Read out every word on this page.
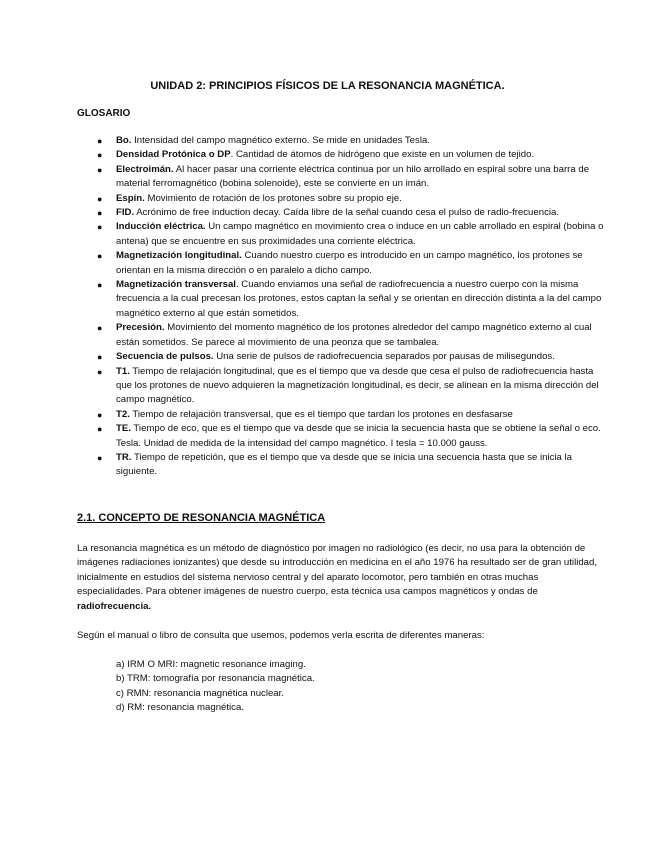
UNIDAD 2: PRINCIPIOS FÍSICOS DE LA RESONANCIA MAGNÉTICA.
GLOSARIO
● Bo. Intensidad del campo magnético externo. Se mide en unidades Tesla.
● Densidad Protónica o DP. Cantidad de átomos de hidrógeno que existe en un volumen de tejido.
● Electroimán. Al hacer pasar una corriente eléctrica continua por un hilo arrollado en espiral sobre una barra de material ferromagnético (bobina solenoide), este se convierte en un imán.
● Espín. Movimiento de rotación de los protones sobre su propio eje.
● FID. Acrónimo de free induction decay. Caída libre de la señal cuando cesa el pulso de radio-frecuencia.
● Inducción eléctrica. Un campo magnético en movimiento crea o induce en un cable arrollado en espiral (bobina o antena) que se encuentre en sus proximidades una corriente eléctrica.
● Magnetización longitudinal. Cuando nuestro cuerpo es introducido en un campo magnético, los protones se orientan en la misma dirección o en paralelo a dicho campo.
● Magnetización transversal. Cuando enviamos una señal de radiofrecuencia a nuestro cuerpo con la misma frecuencia a la cual precesan los protones, estos captan la señal y se orientan en dirección distinta a la del campo magnético externo al que están sometidos.
● Precesión. Movimiento del momento magnético de los protones alrededor del campo magnético externo al cual están sometidos. Se parece al movimiento de una peonza que se tambalea.
● Secuencia de pulsos. Una serie de pulsos de radiofrecuencia separados por pausas de milisegundos.
● T1. Tiempo de relajación longitudinal, que es el tiempo que va desde que cesa el pulso de radiofrecuencia hasta que los protones de nuevo adquieren la magnetización longitudinal, es decir, se alinean en la misma dirección del campo magnético.
● T2. Tiempo de relajación transversal, que es el tiempo que tardan los protones en desfasarse
● TE. Tiempo de eco, que es el tiempo que va desde que se inicia la secuencia hasta que se obtiene la señal o eco. Tesla. Unidad de medida de la intensidad del campo magnético. I tesla = 10.000 gauss.
● TR. Tiempo de repetición, que es el tiempo que va desde que se inicia una secuencia hasta que se inicia la siguiente.
2.1. CONCEPTO DE RESONANCIA MAGNÉTICA

La resonancia magnética es un método de diagnóstico por imagen no radiológico (es decir, no usa para la obtención de imágenes radiaciones ionizantes) que desde su introducción en medicina en el año 1976 ha resultado ser de gran utilidad, inicialmente en estudios del sistema nervioso central y del aparato locomotor, pero también en otras muchas especialidades. Para obtener imágenes de nuestro cuerpo, esta técnica usa campos magnéticos y ondas de radiofrecuencia.

Según el manual o libro de consulta que usemos, podemos verla escrita de diferentes maneras:

a) IRM O MRI: magnetic resonance imaging.
b) TRM: tomografía por resonancia magnética.
c) RMN: resonancia magnética nuclear.
d) RM: resonancia magnética.
